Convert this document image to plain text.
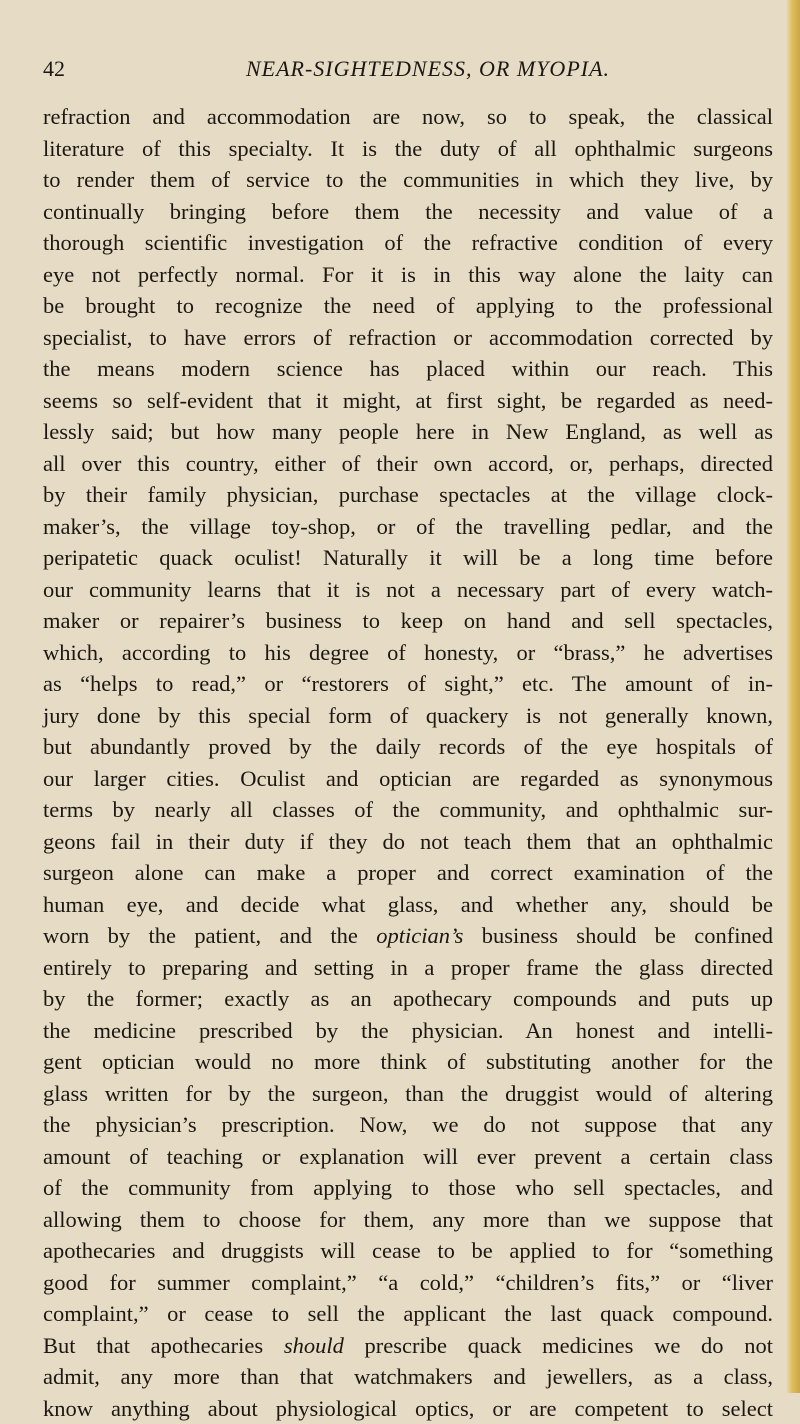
42	NEAR-SIGHTEDNESS, OR MYOPIA.
refraction and accommodation are now, so to speak, the classical
literature of this specialty. It is the duty of all ophthalmic surgeons
to render them of service to the communities in which they live, by
continually bringing before them the necessity and value of a
thorough scientific investigation of the refractive condition of every
eye not perfectly normal. For it is in this way alone the laity can
be brought to recognize the need of applying to the professional
specialist, to have errors of refraction or accommodation corrected by
the means modern science has placed within our reach. This
seems so self-evident that it might, at first sight, be regarded as need-
lessly said; but how many people here in New England, as well as
all over this country, either of their own accord, or, perhaps, directed
by their family physician, purchase spectacles at the village clock-
maker’s, the village toy-shop, or of the travelling pedlar, and the
peripatetic quack oculist! Naturally it will be a long time before
our community learns that it is not a necessary part of every watch-
maker or repairer’s business to keep on hand and sell spectacles,
which, according to his degree of honesty, or “brass,” he advertises
as “helps to read,” or “restorers of sight,” etc. The amount of in-
jury done by this special form of quackery is not generally known,
but abundantly proved by the daily records of the eye hospitals of
our larger cities. Oculist and optician are regarded as synonymous
terms by nearly all classes of the community, and ophthalmic sur-
geons fail in their duty if they do not teach them that an ophthalmic
surgeon alone can make a proper and correct examination of the
human eye, and decide what glass, and whether any, should be
worn by the patient, and the optician’s business should be confined
entirely to preparing and setting in a proper frame the glass directed
by the former; exactly as an apothecary compounds and puts up
the medicine prescribed by the physician. An honest and intelli-
gent optician would no more think of substituting another for the
glass written for by the surgeon, than the druggist would of altering
the physician’s prescription. Now, we do not suppose that any
amount of teaching or explanation will ever prevent a certain class
of the community from applying to those who sell spectacles, and
allowing them to choose for them, any more than we suppose that
apothecaries and druggists will cease to be applied to for “something
good for summer complaint,” “a cold,” “children’s fits,” or “liver
complaint,” or cease to sell the applicant the last quack compound.
But that apothecaries should prescribe quack medicines we do not
admit, any more than that watchmakers and jewellers, as a class,
know anything about physiological optics, or are competent to select
